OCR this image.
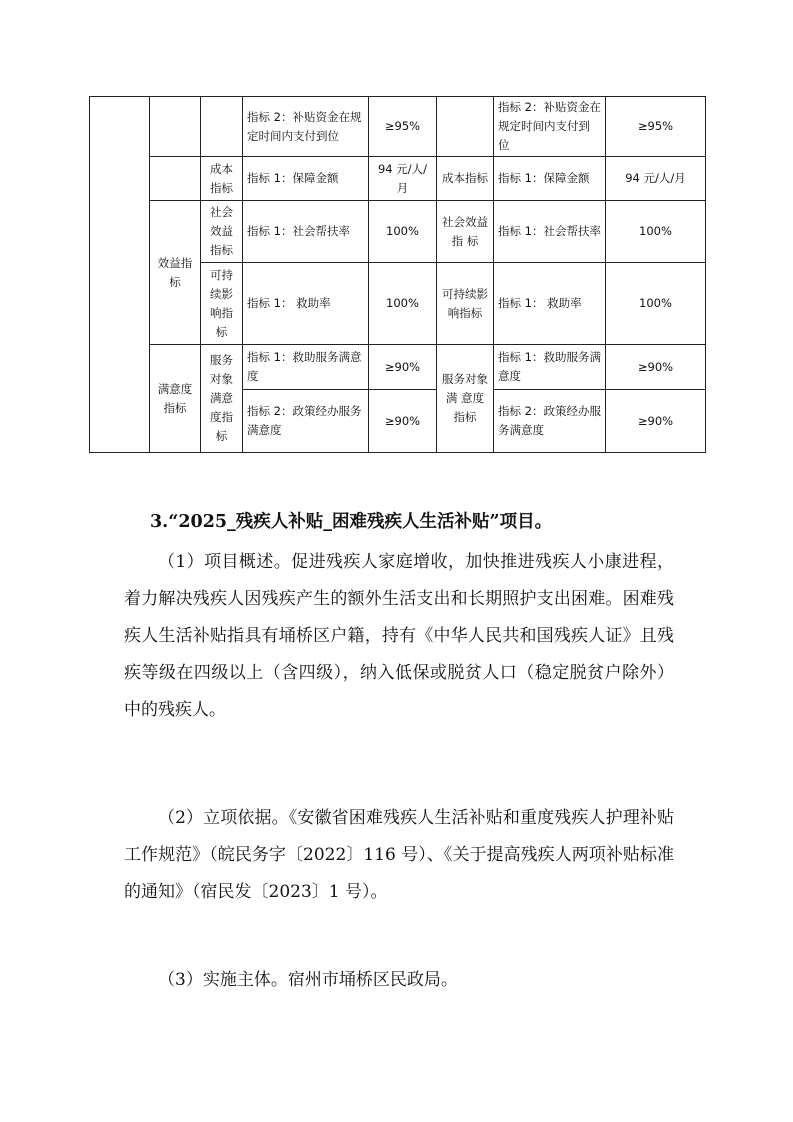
			指标 2：补贴资金在规定时间内支付到位	≥95%		指标 2：补贴资金在规定时间内支付到位	≥95%
		成本指标	指标 1：保障金额	94 元/人/月	成本指标	指标 1：保障金额	94 元/人/月
	效益指标	社会效益指标	指标 1：社会帮扶率	100%	社会效益 指 标	指标 1：社会帮扶率	100%
		可持续影响指标	指标 1： 救助率	100%	可持续影响指标	指标 1： 救助率	100%
	满意度指标	服务对象满意度指标	指标 1：救助服务满意度	≥90%	服务对象 满 意度指标	指标 1：救助服务满意度	≥90%
			指标 2：政策经办服务满意度	≥90%		指标 2：政策经办服务满意度	≥90%
3.“2025_残疾人补贴_困难残疾人生活补贴”项目。

（1）项目概述。促进残疾人家庭增收，加快推进残疾人小康进程，着力解决残疾人因残疾产生的额外生活支出和长期照护支出困难。困难残疾人生活补贴指具有埇桥区户籍，持有《中华人民共和国残疾人证》且残疾等级在四级以上（含四级），纳入低保或脱贫人口（稳定脱贫户除外）中的残疾人。

（2）立项依据。《安徽省困难残疾人生活补贴和重度残疾人护理补贴工作规范》（皖民务字〔2022〕116 号）、《关于提高残疾人两项补贴标准的通知》（宿民发〔2023〕1 号）。

（3）实施主体。宿州市埇桥区民政局。
